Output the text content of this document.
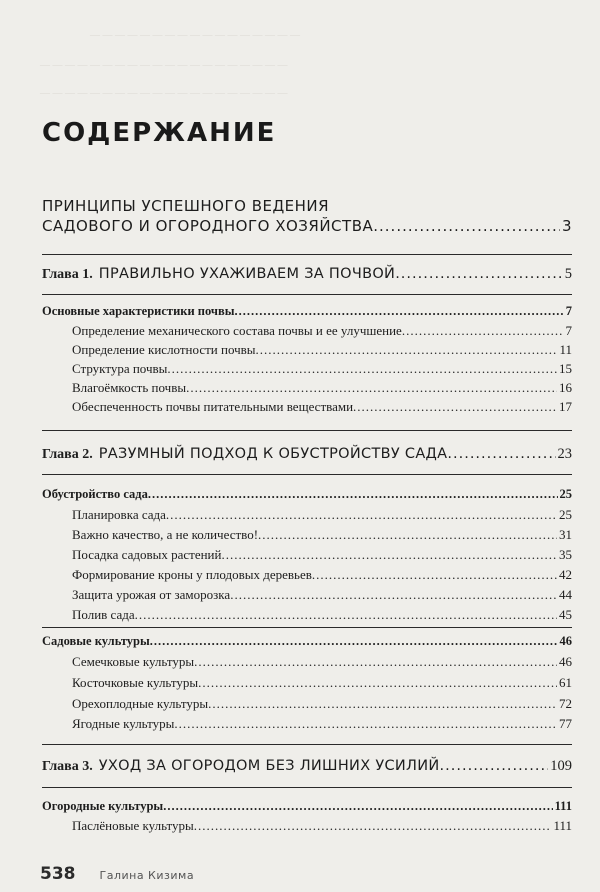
— — — — — — — — — — — — — — — — —
— — — — — — — — — — — — — — — — — — — —
— — — — — — — — — — — — — — — — — — — —
СОДЕРЖАНИЕ
ПРИНЦИПЫ УСПЕШНОГО ВЕДЕНИЯ
САДОВОГО И ОГОРОДНОГО ХОЗЯЙСТВА .....	3
Глава 1. ПРАВИЛЬНО УХАЖИВАЕМ ЗА ПОЧВОЙ .....	5
Основные характеристики почвы .....	7
Определение механического состава почвы и ее улучшение .....	7
Определение кислотности почвы .....	11
Структура почвы .....	15
Влагоёмкость почвы .....	16
Обеспеченность почвы питательными веществами .....	17
Глава 2. РАЗУМНЫЙ ПОДХОД К ОБУСТРОЙСТВУ САДА .....	23
Обустройство сада .....	25
Планировка сада .....	25
Важно качество, а не количество! .....	31
Посадка садовых растений .....	35
Формирование кроны у плодовых деревьев .....	42
Защита урожая от заморозка .....	44
Полив сада .....	45
Садовые культуры .....	46
Семечковые культуры .....	46
Косточковые культуры .....	61
Орехоплодные культуры .....	72
Ягодные культуры .....	77
Глава 3. УХОД ЗА ОГОРОДОМ БЕЗ ЛИШНИХ УСИЛИЙ .....	109
Огородные культуры .....	111
Паслёновые культуры .....	111
538 Галина Кизима
